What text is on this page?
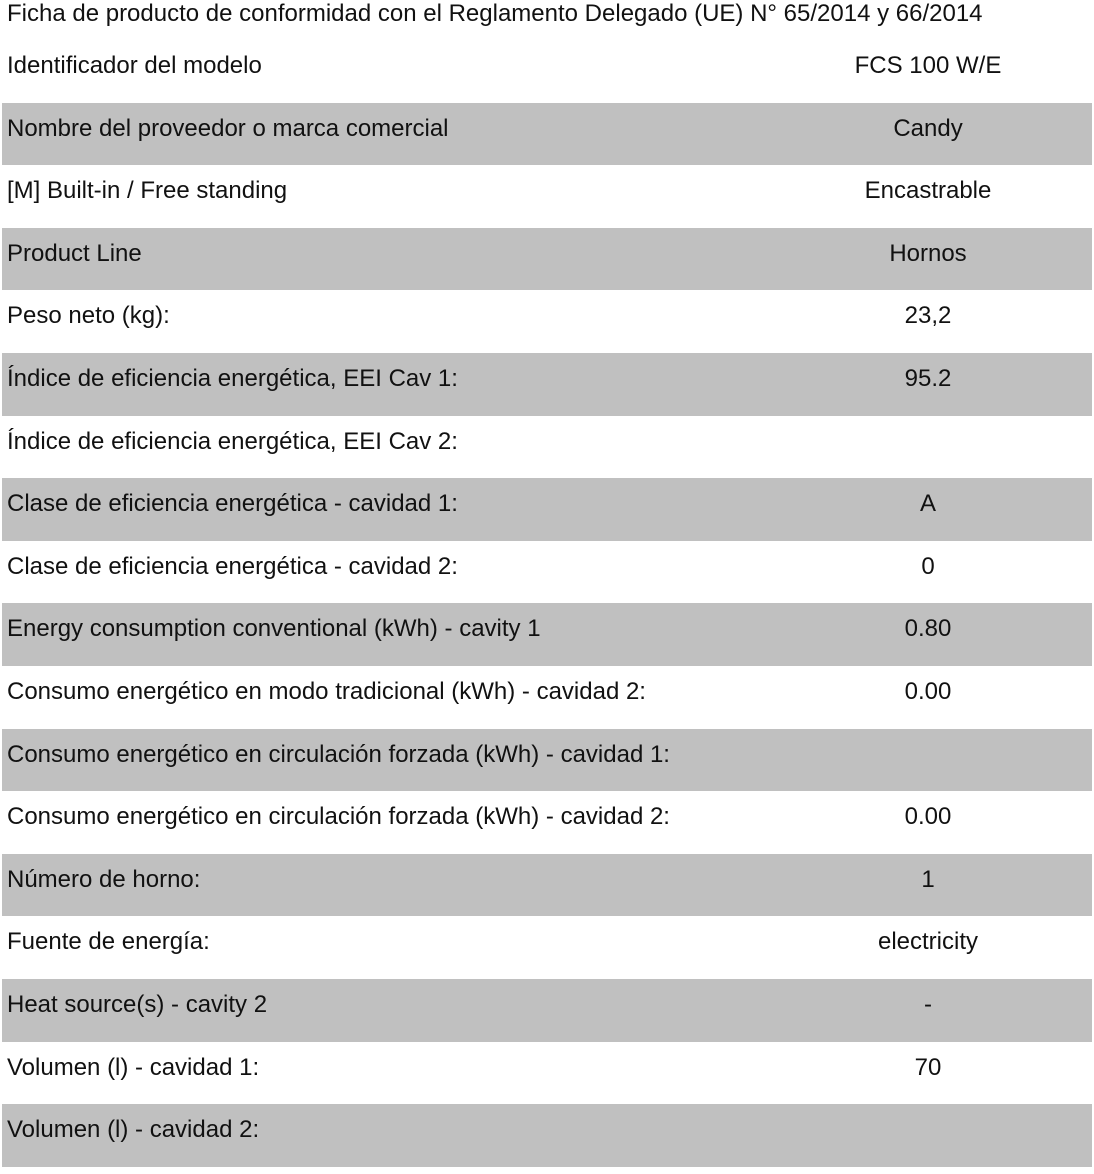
Ficha de producto de conformidad con el Reglamento Delegado (UE) N° 65/2014 y 66/2014
Identificador del modelo	FCS 100 W/E
Nombre del proveedor o marca comercial	Candy
[M] Built-in / Free standing	Encastrable
Product Line	Hornos
Peso neto (kg):	23,2
Índice de eficiencia energética, EEI Cav 1:	95.2
Índice de eficiencia energética, EEI Cav 2:
Clase de eficiencia energética - cavidad 1:	A
Clase de eficiencia energética - cavidad 2:	0
Energy consumption conventional (kWh) - cavity 1	0.80
Consumo energético en modo tradicional (kWh) - cavidad 2:	0.00
Consumo energético en circulación forzada (kWh) - cavidad 1:
Consumo energético en circulación forzada (kWh) - cavidad 2:	0.00
Número de horno:	1
Fuente de energía:	electricity
Heat source(s) - cavity 2	-
Volumen (l) - cavidad 1:	70
Volumen (l) - cavidad 2:
